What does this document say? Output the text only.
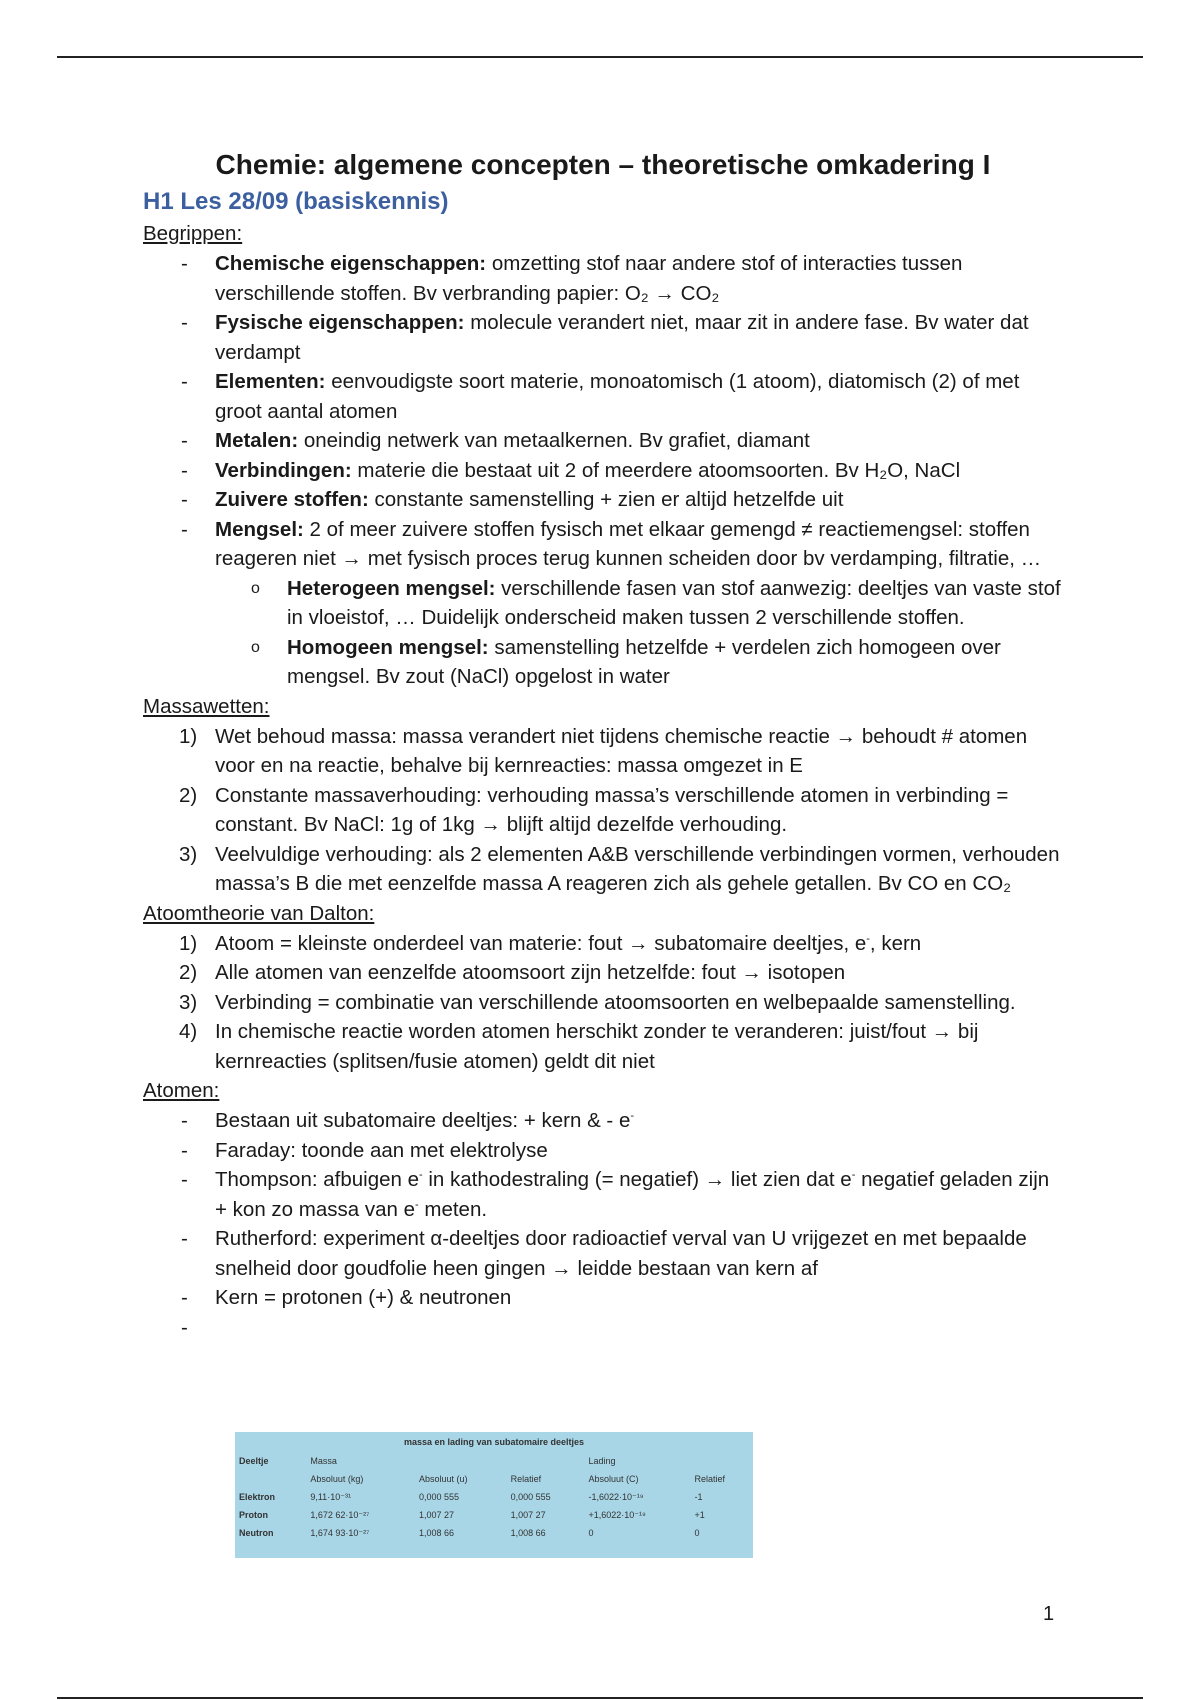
Chemie: algemene concepten – theoretische omkadering I
H1 Les 28/09 (basiskennis)
Begrippen:
- Chemische eigenschappen: omzetting stof naar andere stof of interacties tussen verschillende stoffen. Bv verbranding papier: O₂ → CO₂
- Fysische eigenschappen: molecule verandert niet, maar zit in andere fase. Bv water dat verdampt
- Elementen: eenvoudigste soort materie, monoatomisch (1 atoom), diatomisch (2) of met groot aantal atomen
- Metalen: oneindig netwerk van metaalkernen. Bv grafiet, diamant
- Verbindingen: materie die bestaat uit 2 of meerdere atoomsoorten. Bv H₂O, NaCl
- Zuivere stoffen: constante samenstelling + zien er altijd hetzelfde uit
- Mengsel: 2 of meer zuivere stoffen fysisch met elkaar gemengd ≠ reactiemengsel: stoffen reageren niet → met fysisch proces terug kunnen scheiden door bv verdamping, filtratie, …
o Heterogeen mengsel: verschillende fasen van stof aanwezig: deeltjes van vaste stof in vloeistof, … Duidelijk onderscheid maken tussen 2 verschillende stoffen.
o Homogeen mengsel: samenstelling hetzelfde + verdelen zich homogeen over mengsel. Bv zout (NaCl) opgelost in water
Massawetten:
1) Wet behoud massa: massa verandert niet tijdens chemische reactie → behoudt # atomen voor en na reactie, behalve bij kernreacties: massa omgezet in E
2) Constante massaverhouding: verhouding massa’s verschillende atomen in verbinding = constant. Bv NaCl: 1g of 1kg → blijft altijd dezelfde verhouding.
3) Veelvuldige verhouding: als 2 elementen A&B verschillende verbindingen vormen, verhouden massa’s B die met eenzelfde massa A reageren zich als gehele getallen. Bv CO en CO₂
Atoomtheorie van Dalton:
1) Atoom = kleinste onderdeel van materie: fout → subatomaire deeltjes, e-, kern
2) Alle atomen van eenzelfde atoomsoort zijn hetzelfde: fout → isotopen
3) Verbinding = combinatie van verschillende atoomsoorten en welbepaalde samenstelling.
4) In chemische reactie worden atomen herschikt zonder te veranderen: juist/fout → bij kernreacties (splitsen/fusie atomen) geldt dit niet
Atomen:
- Bestaan uit subatomaire deeltjes: + kern & - e-
- Faraday: toonde aan met elektrolyse
- Thompson: afbuigen e- in kathodestraling (= negatief) → liet zien dat e- negatief geladen zijn + kon zo massa van e- meten.
- Rutherford: experiment α-deeltjes door radioactief verval van U vrijgezet en met bepaalde snelheid door goudfolie heen gingen → leidde bestaan van kern af
- Kern = protonen (+) & neutronen
-
massa en lading van subatomaire deeltjes					
Deeltje	Massa			Lading	
	Absoluut (kg)	Absoluut (u)	Relatief	Absoluut (C)	Relatief
Elektron	9,11·10⁻³¹	0,000 555	0,000 555	-1,6022·10⁻¹⁹	-1
Proton	1,672 62·10⁻²⁷	1,007 27	1,007 27	+1,6022·10⁻¹⁹	+1
Neutron	1,674 93·10⁻²⁷	1,008 66	1,008 66	0	0
1
